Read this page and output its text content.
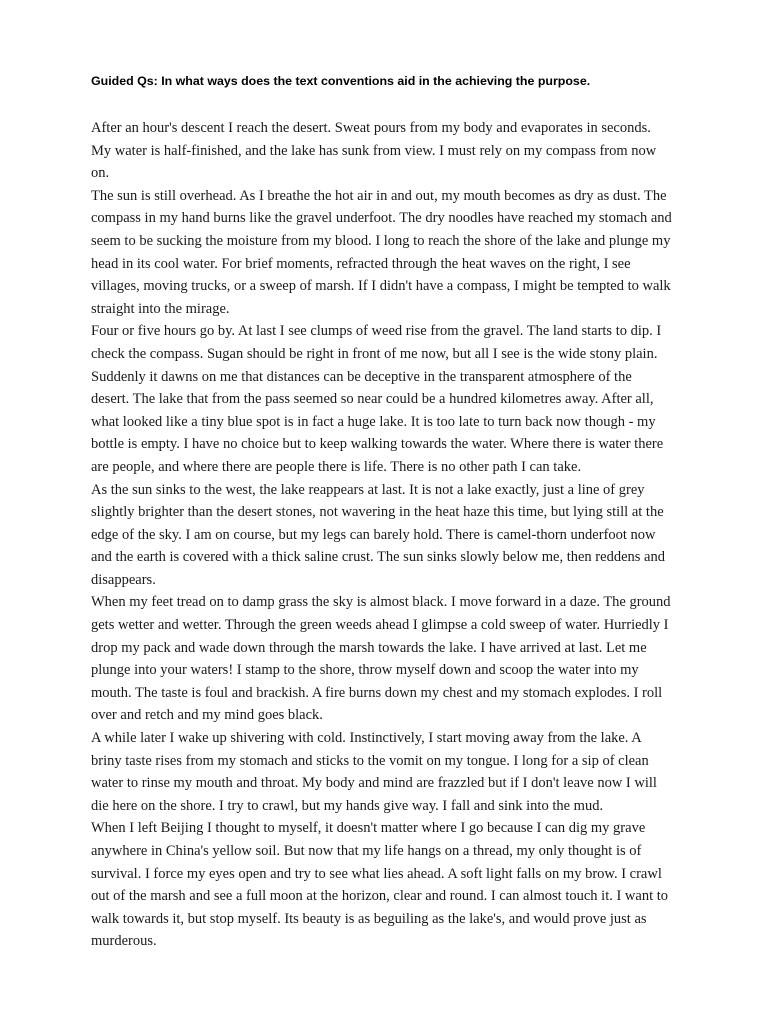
Guided Qs: In what ways does the text conventions aid in the achieving the purpose.
After an hour's descent I reach the desert. Sweat pours from my body and evaporates in seconds.
My water is half-finished, and the lake has sunk from view. I must rely on my compass from now
on.
The sun is still overhead. As I breathe the hot air in and out, my mouth becomes as dry as dust. The
compass in my hand burns like the gravel underfoot. The dry noodles have reached my stomach and
seem to be sucking the moisture from my blood. I long to reach the shore of the lake and plunge my
head in its cool water. For brief moments, refracted through the heat waves on the right, I see
villages, moving trucks, or a sweep of marsh. If I didn't have a compass, I might be tempted to walk
straight into the mirage.
Four or five hours go by. At last I see clumps of weed rise from the gravel. The land starts to dip. I
check the compass. Sugan should be right in front of me now, but all I see is the wide stony plain.
Suddenly it dawns on me that distances can be deceptive in the transparent atmosphere of the
desert. The lake that from the pass seemed so near could be a hundred kilometres away. After all,
what looked like a tiny blue spot is in fact a huge lake. It is too late to turn back now though - my
bottle is empty. I have no choice but to keep walking towards the water. Where there is water there
are people, and where there are people there is life. There is no other path I can take.
As the sun sinks to the west, the lake reappears at last. It is not a lake exactly, just a line of grey
slightly brighter than the desert stones, not wavering in the heat haze this time, but lying still at the
edge of the sky. I am on course, but my legs can barely hold. There is camel-thorn underfoot now
and the earth is covered with a thick saline crust. The sun sinks slowly below me, then reddens and
disappears.
When my feet tread on to damp grass the sky is almost black. I move forward in a daze. The ground
gets wetter and wetter. Through the green weeds ahead I glimpse a cold sweep of water. Hurriedly I
drop my pack and wade down through the marsh towards the lake. I have arrived at last. Let me
plunge into your waters! I stamp to the shore, throw myself down and scoop the water into my
mouth. The taste is foul and brackish. A fire burns down my chest and my stomach explodes. I roll
over and retch and my mind goes black.
A while later I wake up shivering with cold. Instinctively, I start moving away from the lake. A
briny taste rises from my stomach and sticks to the vomit on my tongue. I long for a sip of clean
water to rinse my mouth and throat. My body and mind are frazzled but if I don't leave now I will
die here on the shore. I try to crawl, but my hands give way. I fall and sink into the mud.
When I left Beijing I thought to myself, it doesn't matter where I go because I can dig my grave
anywhere in China's yellow soil. But now that my life hangs on a thread, my only thought is of
survival. I force my eyes open and try to see what lies ahead. A soft light falls on my brow. I crawl
out of the marsh and see a full moon at the horizon, clear and round. I can almost touch it. I want to
walk towards it, but stop myself. Its beauty is as beguiling as the lake's, and would prove just as
murderous.
